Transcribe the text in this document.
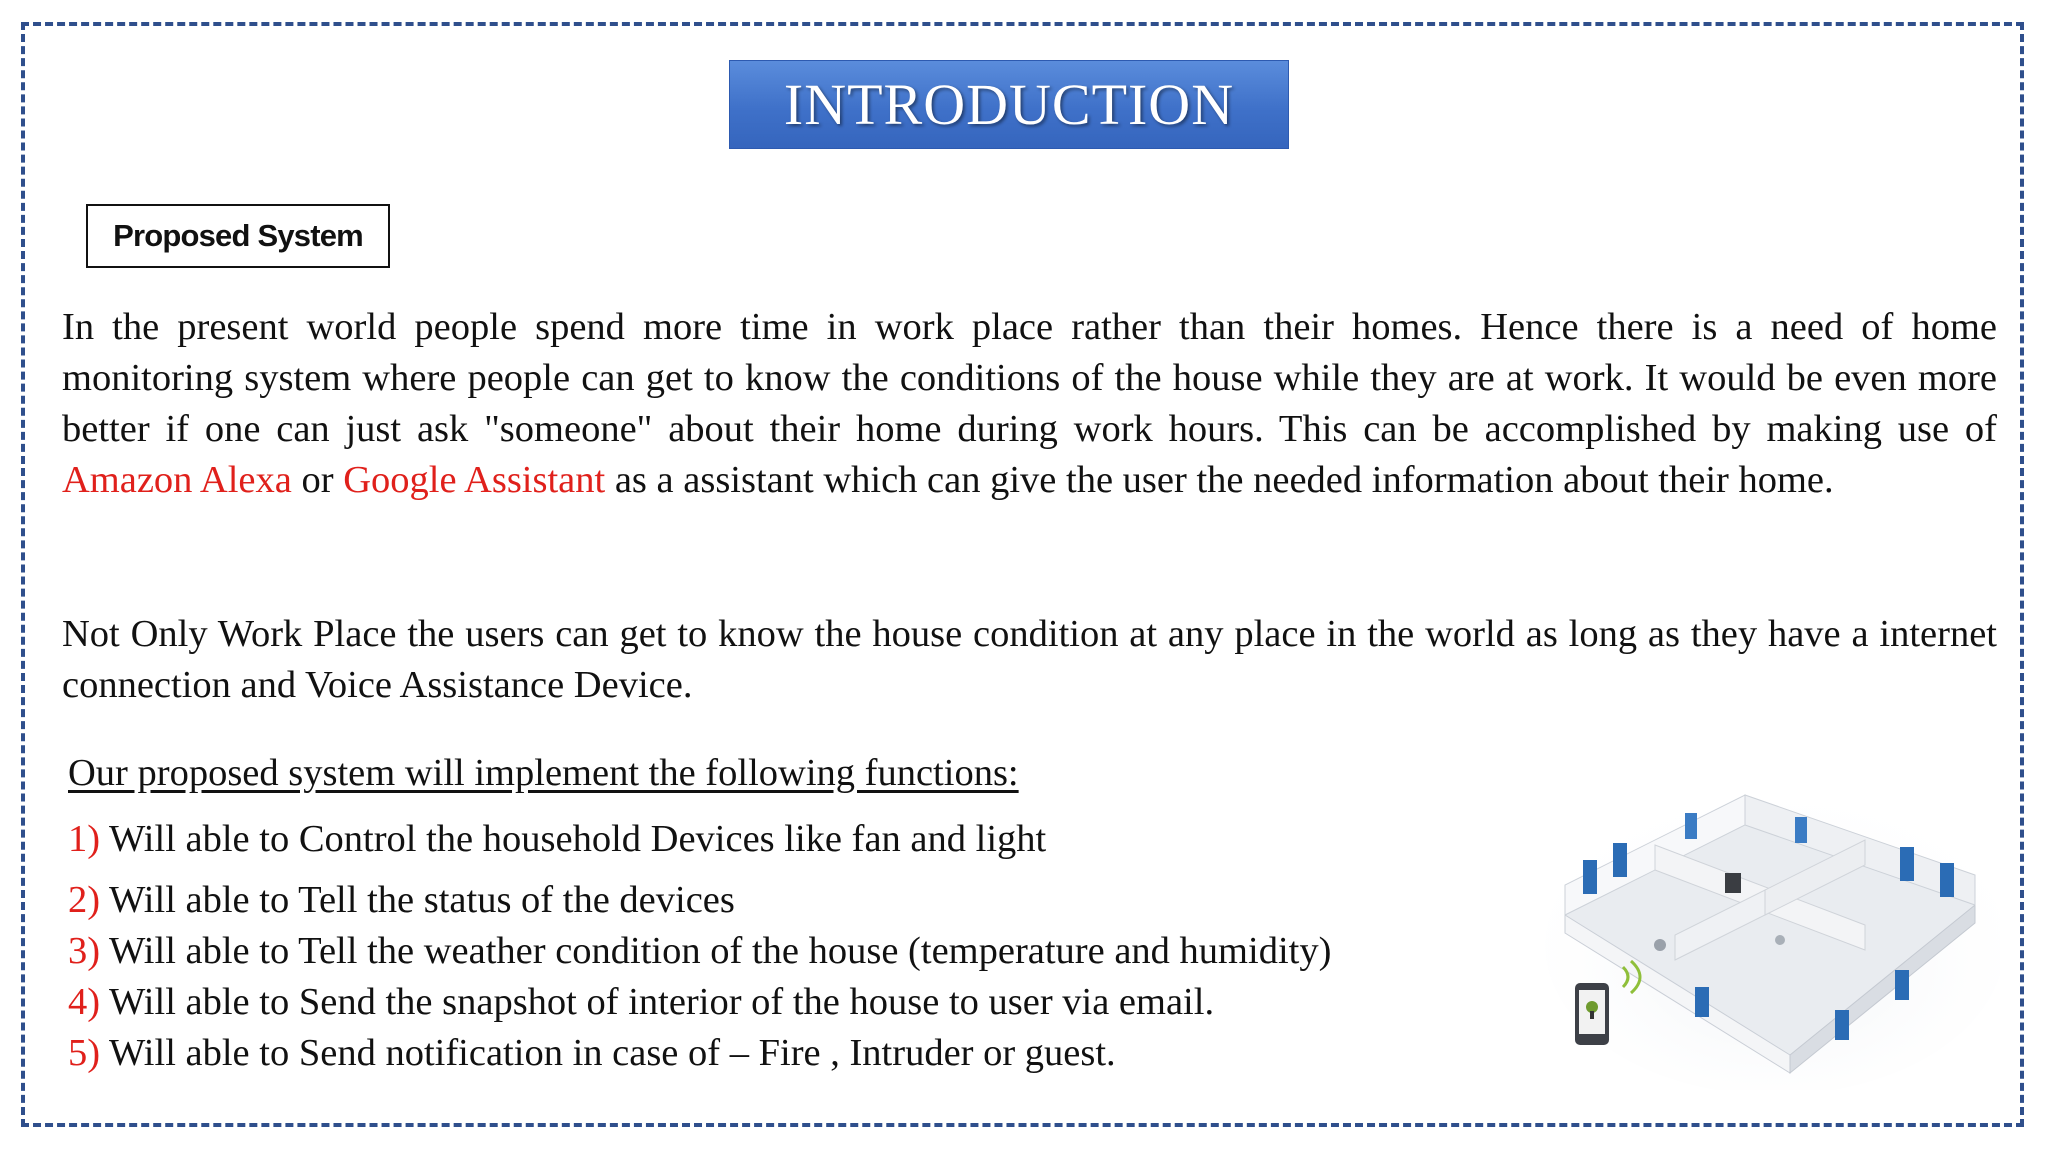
INTRODUCTION
Proposed System

In the present world people spend more time in work place rather than their homes. Hence there is a need of home monitoring system where people can get to know the conditions of the house while they are at work. It would be even more better if one can just ask "someone" about their home during work hours. This can be accomplished by making use of Amazon Alexa or Google Assistant as a assistant which can give the user the needed information about their home.

Not Only Work Place the users can get to know the house condition at any place in the world as long as they have a internet connection and Voice Assistance Device.

Our proposed system will implement the following functions:

1) Will able to Control the household Devices like fan and light
2) Will able to Tell the status of the devices
3) Will able to Tell the weather condition of the house (temperature and humidity)
4) Will able to Send the snapshot of interior of the house to user via email.
5) Will able to Send notification in case of – Fire , Intruder or guest.
